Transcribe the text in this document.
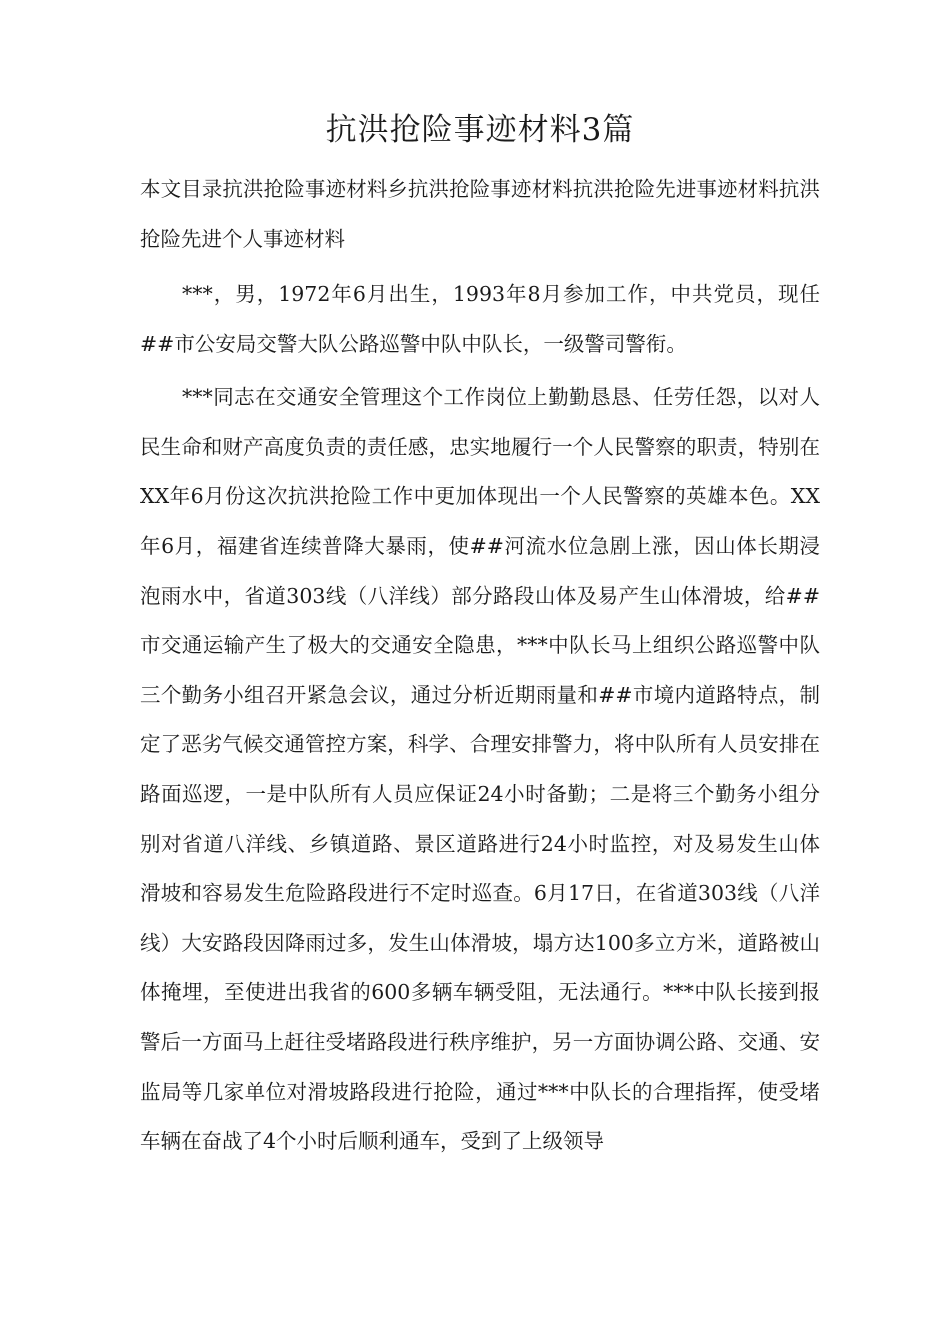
抗洪抢险事迹材料3篇

本文目录抗洪抢险事迹材料乡抗洪抢险事迹材料抗洪抢险先进事迹材料抗洪抢险先进个人事迹材料

***，男，1972年6月出生，1993年8月参加工作，中共党员，现任##市公安局交警大队公路巡警中队中队长，一级警司警衔。

***同志在交通安全管理这个工作岗位上勤勤恳恳、任劳任怨，以对人民生命和财产高度负责的责任感，忠实地履行一个人民警察的职责，特别在XX年6月份这次抗洪抢险工作中更加体现出一个人民警察的英雄本色。XX年6月，福建省连续普降大暴雨，使##河流水位急剧上涨，因山体长期浸泡雨水中，省道303线（八洋线）部分路段山体及易产生山体滑坡，给##市交通运输产生了极大的交通安全隐患，***中队长马上组织公路巡警中队三个勤务小组召开紧急会议，通过分析近期雨量和##市境内道路特点，制定了恶劣气候交通管控方案，科学、合理安排警力，将中队所有人员安排在路面巡逻，一是中队所有人员应保证24小时备勤；二是将三个勤务小组分别对省道八洋线、乡镇道路、景区道路进行24小时监控，对及易发生山体滑坡和容易发生危险路段进行不定时巡查。6月17日，在省道303线（八洋线）大安路段因降雨过多，发生山体滑坡，塌方达100多立方米，道路被山体掩埋，至使进出我省的600多辆车辆受阻，无法通行。***中队长接到报警后一方面马上赶往受堵路段进行秩序维护，另一方面协调公路、交通、安监局等几家单位对滑坡路段进行抢险，通过***中队长的合理指挥，使受堵车辆在奋战了4个小时后顺利通车，受到了上级领导
